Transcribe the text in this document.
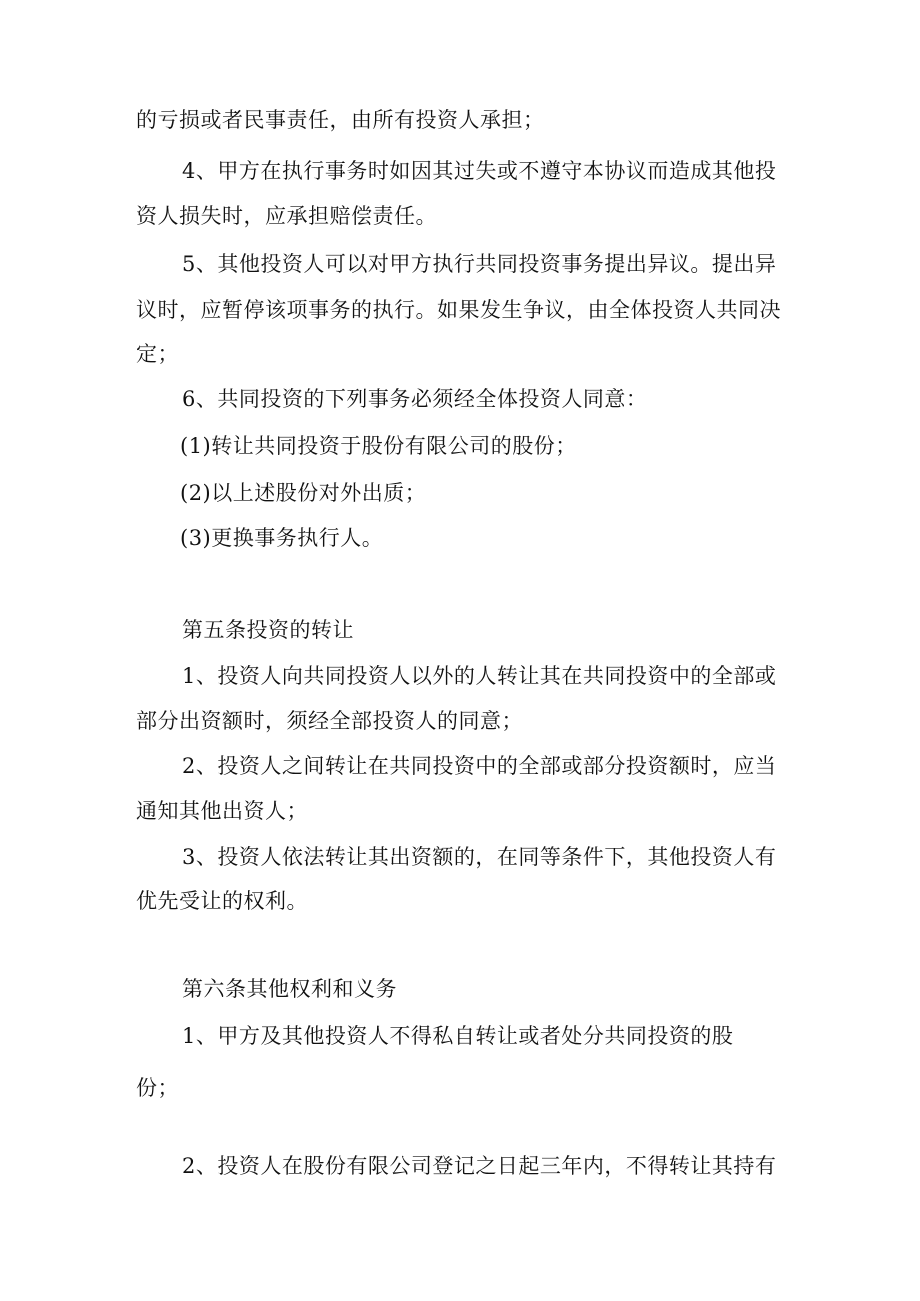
的亏损或者民事责任，由所有投资人承担；
4、甲方在执行事务时如因其过失或不遵守本协议而造成其他投
资人损失时，应承担赔偿责任。
5、其他投资人可以对甲方执行共同投资事务提出异议。提出异
议时，应暂停该项事务的执行。如果发生争议，由全体投资人共同决
定；
6、共同投资的下列事务必须经全体投资人同意：
(1)转让共同投资于股份有限公司的股份；
(2)以上述股份对外出质；
(3)更换事务执行人。
第五条投资的转让
1、投资人向共同投资人以外的人转让其在共同投资中的全部或
部分出资额时，须经全部投资人的同意；
2、投资人之间转让在共同投资中的全部或部分投资额时，应当
通知其他出资人；
3、投资人依法转让其出资额的，在同等条件下，其他投资人有
优先受让的权利。
第六条其他权利和义务
1、甲方及其他投资人不得私自转让或者处分共同投资的股
份；
2、投资人在股份有限公司登记之日起三年内，不得转让其持有
